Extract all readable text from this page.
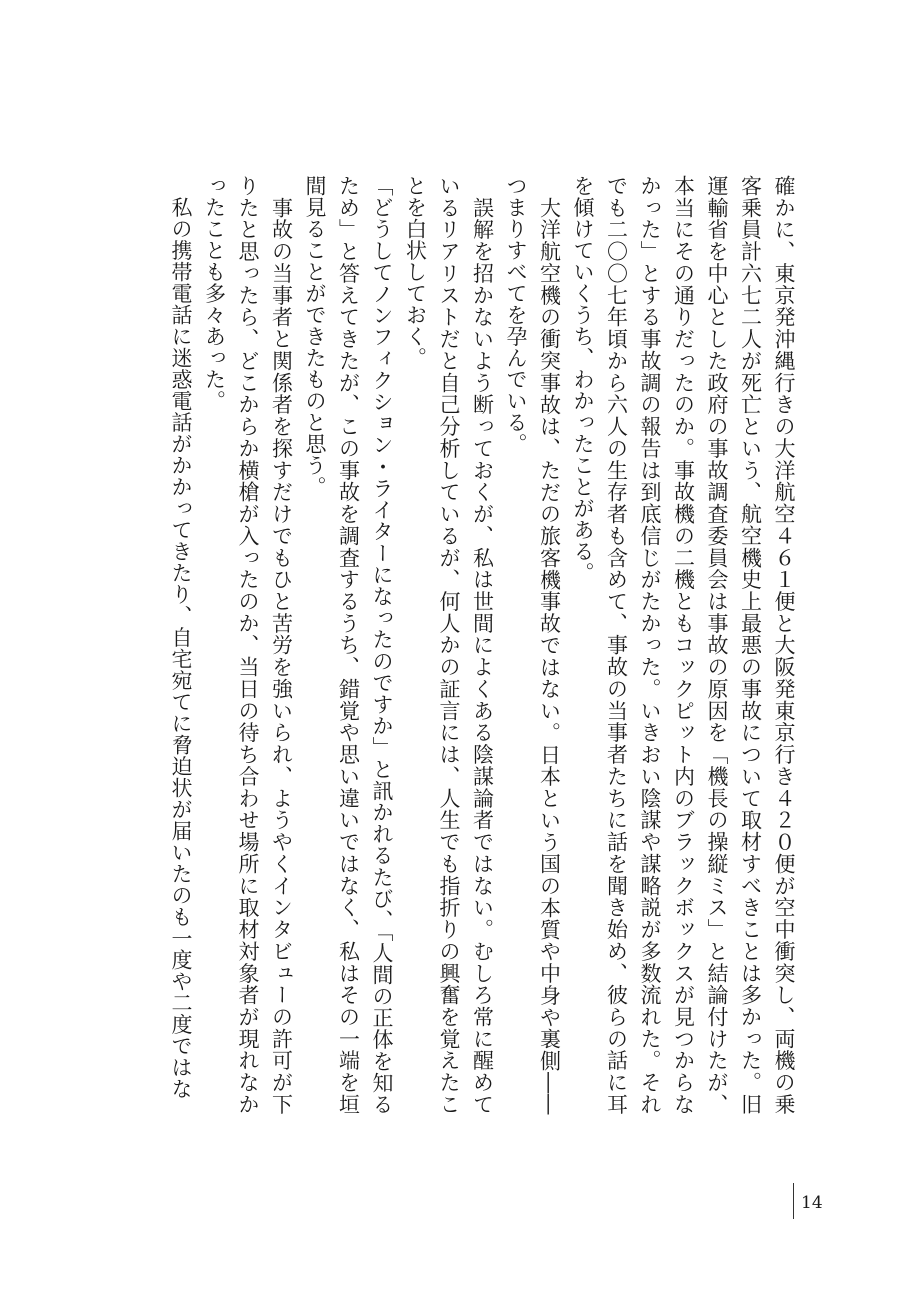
確かに、東京発沖縄行きの大洋航空４６１便と大阪発東京行き４２０便が空中衝突し、両機の乗客乗員計六七二人が死亡という、航空機史上最悪の事故について取材すべきことは多かった。旧運輸省を中心とした政府の事故調査委員会は事故の原因を「機長の操縦ミス」と結論付けたが、本当にその通りだったのか。事故機の二機ともコックピット内のブラックボックスが見つからなかった」とする事故調の報告は到底信じがたかった。いきおい陰謀や謀略説が多数流れた。それでも二〇〇七年頃から六人の生存者も含めて、事故の当事者たちに話を聞き始め、彼らの話に耳を傾けていくうち、わかったことがある。

　大洋航空機の衝突事故は、ただの旅客機事故ではない。日本という国の本質や中身や裏側――つまりすべてを孕んでいる。

　誤解を招かないよう断っておくが、私は世間によくある陰謀論者ではない。むしろ常に醒めているリアリストだと自己分析しているが、何人かの証言には、人生でも指折りの興奮を覚えたことを白状しておく。

「どうしてノンフィクション・ライターになったのですか」と訊かれるたび、「人間の正体を知るため」と答えてきたが、この事故を調査するうち、錯覚や思い違いではなく、私はその一端を垣間見ることができたものと思う。

　事故の当事者と関係者を探すだけでもひと苦労を強いられ、ようやくインタビューの許可が下りたと思ったら、どこからか横槍が入ったのか、当日の待ち合わせ場所に取材対象者が現れなかったことも多々あった。

　私の携帯電話に迷惑電話がかかってきたり、自宅宛てに脅迫状が届いたのも一度や二度ではな

14
